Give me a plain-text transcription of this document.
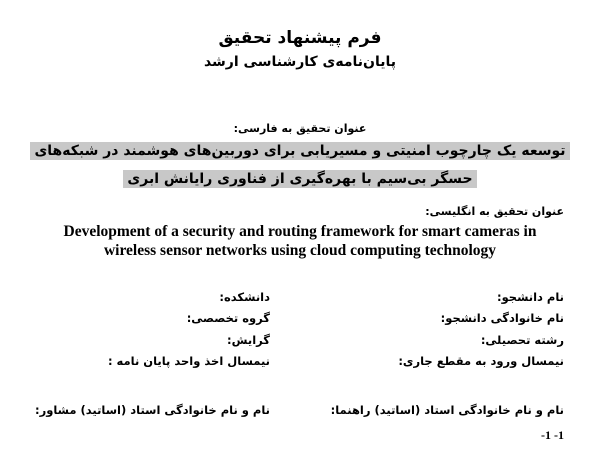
فرم پیشنهاد تحقیق
پایان‌نامه‌ی کارشناسی ارشد
عنوان تحقیق به فارسی:
توسعه یک چارچوب امنیتی و مسیریابی برای دوربین‌های هوشمند در شبکه‌های
حسگر بی‌سیم با بهره‌گیری از فناوری رایانش ابری
عنوان تحقیق به انگلیسی:
Development of a security and routing framework for smart cameras in
wireless sensor networks using cloud computing technology
نام دانشجو:
دانشکده:
نام خانوادگی دانشجو:
گروه تخصصی:
رشته تحصیلی:
گرایش:
نیمسال ورود به مقطع جاری:
نیمسال اخذ واحد پایان نامه :
نام و نام خانوادگی استاد (اساتید) راهنما:
نام و نام خانوادگی استاد (اساتید) مشاور:
-1 -1
